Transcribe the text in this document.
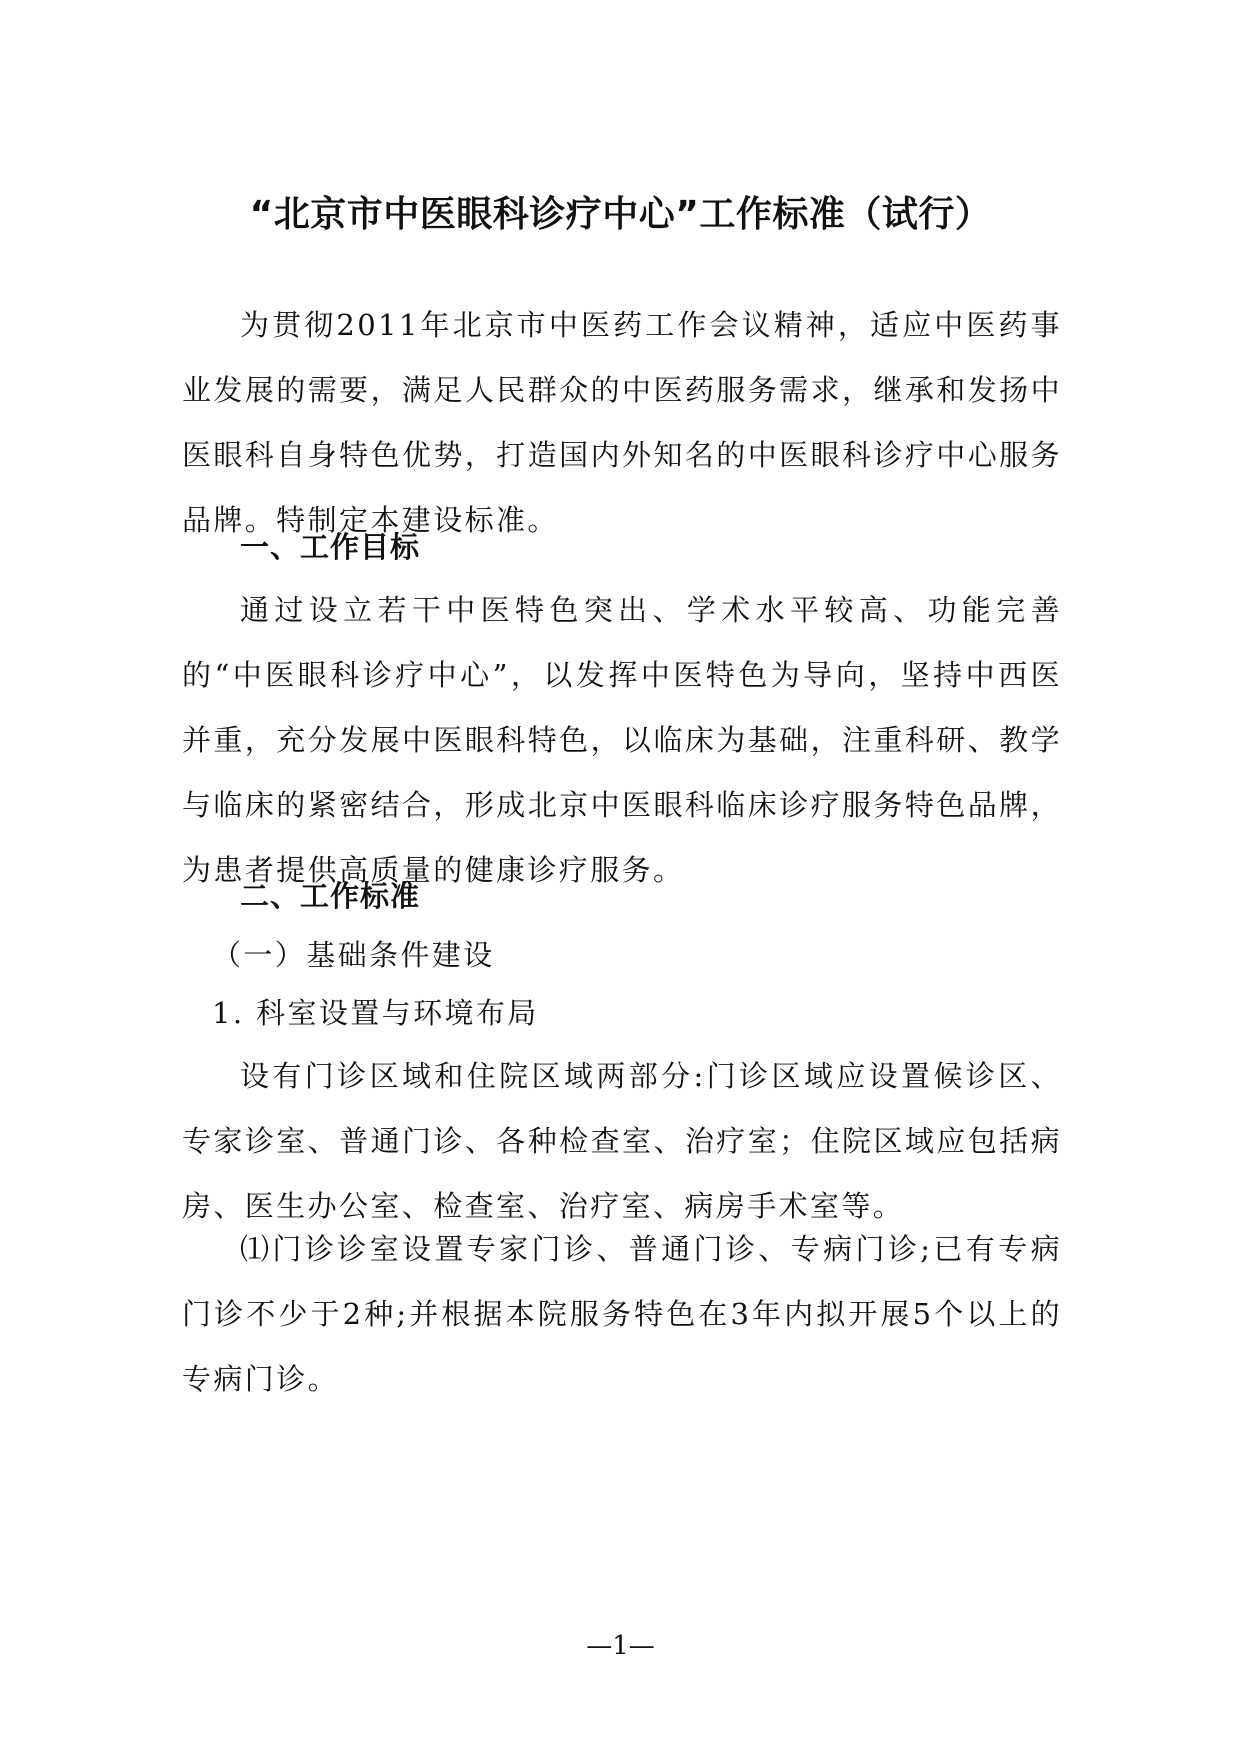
“北京市中医眼科诊疗中心”工作标准（试行）

为贯彻2011年北京市中医药工作会议精神，适应中医药事业发展的需要，满足人民群众的中医药服务需求，继承和发扬中医眼科自身特色优势，打造国内外知名的中医眼科诊疗中心服务品牌。特制定本建设标准。

一、工作目标

通过设立若干中医特色突出、学术水平较高、功能完善的“中医眼科诊疗中心”，以发挥中医特色为导向，坚持中西医并重，充分发展中医眼科特色，以临床为基础，注重科研、教学与临床的紧密结合，形成北京中医眼科临床诊疗服务特色品牌，为患者提供高质量的健康诊疗服务。

二、工作标准
（一）基础条件建设
1. 科室设置与环境布局

设有门诊区域和住院区域两部分:门诊区域应设置候诊区、专家诊室、普通门诊、各种检查室、治疗室；住院区域应包括病房、医生办公室、检查室、治疗室、病房手术室等。

⑴门诊诊室设置专家门诊、普通门诊、专病门诊;已有专病门诊不少于2种;并根据本院服务特色在3年内拟开展5个以上的专病门诊。

—1—
